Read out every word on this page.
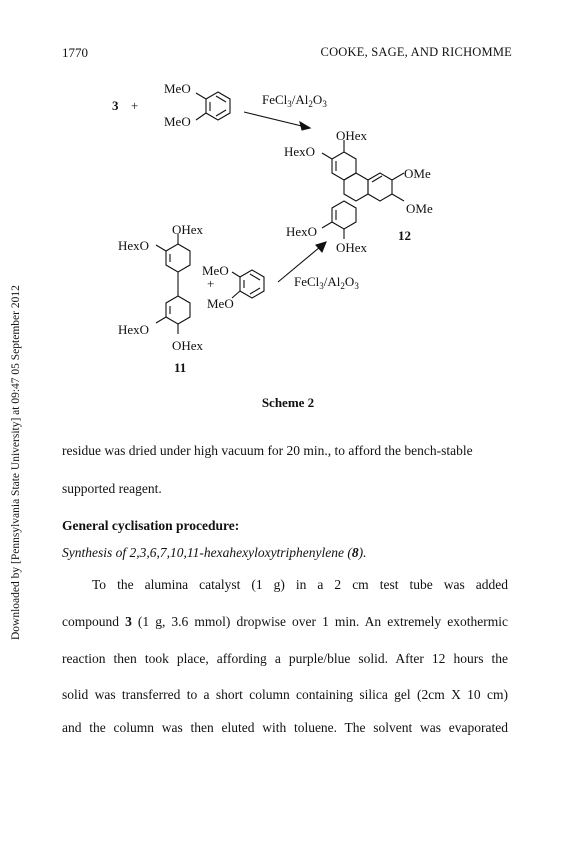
1770	COOKE, SAGE, AND RICHOMME
Downloaded by [Pennsylvania State University] at 09:47 05 September 2012
3 +
MeO
MeO
$FeCl_3/Al_2O_3$
OHex
HexO
OMe
OMe
HexO
OHex
12
OHex
HexO
MeO
+
MeO
$FeCl_3/Al_2O_3$
HexO
OHex
11
Scheme 2
residue was dried under high vacuum for 20 min., to afford the bench-stable
supported reagent.
General cyclisation procedure:
Synthesis of 2,3,6,7,10,11-hexahexyloxytriphenylene (8).
To the alumina catalyst (1 g) in a 2 cm test tube was added
compound 3 (1 g, 3.6 mmol) dropwise over 1 min. An extremely exothermic
reaction then took place, affording a purple/blue solid. After 12 hours the
solid was transferred to a short column containing silica gel (2cm X 10 cm)
and the column was then eluted with toluene. The solvent was evaporated
